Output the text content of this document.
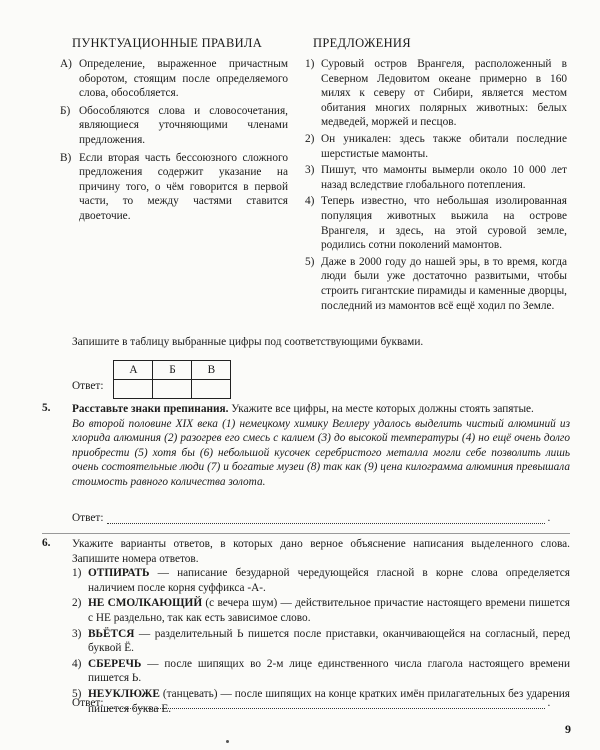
ПУНКТУАЦИОННЫЕ ПРАВИЛА	ПРЕДЛОЖЕНИЯ
А) Определение, выраженное причастным оборотом, стоящим после определяемого слова, обособляется.
Б) Обособляются слова и словосочетания, являющиеся уточняющими членами предложения.
В) Если вторая часть бессоюзного сложного предложения содержит указание на причину того, о чём говорится в первой части, то между частями ставится двоеточие.
1) Суровый остров Врангеля, расположенный в Северном Ледовитом океане примерно в 160 милях к северу от Сибири, является местом обитания многих полярных животных: белых медведей, моржей и песцов.
2) Он уникален: здесь также обитали последние шерстистые мамонты.
3) Пишут, что мамонты вымерли около 10 000 лет назад вследствие глобального потепления.
4) Теперь известно, что небольшая изолированная популяция животных выжила на острове Врангеля, и здесь, на этой суровой земле, родились сотни поколений мамонтов.
5) Даже в 2000 году до нашей эры, в то время, когда люди были уже достаточно развитыми, чтобы строить гигантские пирамиды и каменные дворцы, последний из мамонтов всё ещё ходил по Земле.
Запишите в таблицу выбранные цифры под соответствующими буквами.
Ответ:
А	Б	В

5. Расставьте знаки препинания. Укажите все цифры, на месте которых должны стоять запятые.
Во второй половине XIX века (1) немецкому химику Веллеру удалось выделить чистый алюминий из хлорида алюминия (2) разогрев его смесь с калием (3) до высокой температуры (4) но ещё очень долго приобрести (5) хотя бы (6) небольшой кусочек серебристого металла могли себе позволить лишь очень состоятельные люди (7) и богатые музеи (8) так как (9) цена килограмма алюминия превышала стоимость равного количества золота.
Ответ:	.
6. Укажите варианты ответов, в которых дано верное объяснение написания выделенного слова. Запишите номера ответов.
1) ОТПИРАТЬ — написание безударной чередующейся гласной в корне слова определяется наличием после корня суффикса -А-.
2) НЕ СМОЛКАЮЩИЙ (с вечера шум) — действительное причастие настоящего времени пишется с НЕ раздельно, так как есть зависимое слово.
3) ВЬЁТСЯ — разделительный Ь пишется после приставки, оканчивающейся на согласный, перед буквой Ё.
4) СБЕРЕЧЬ — после шипящих во 2-м лице единственного числа глагола настоящего времени пишется Ь.
5) НЕУКЛЮЖЕ (танцевать) — после шипящих на конце кратких имён прилагательных без ударения пишется буква Е.
Ответ:	.
9
